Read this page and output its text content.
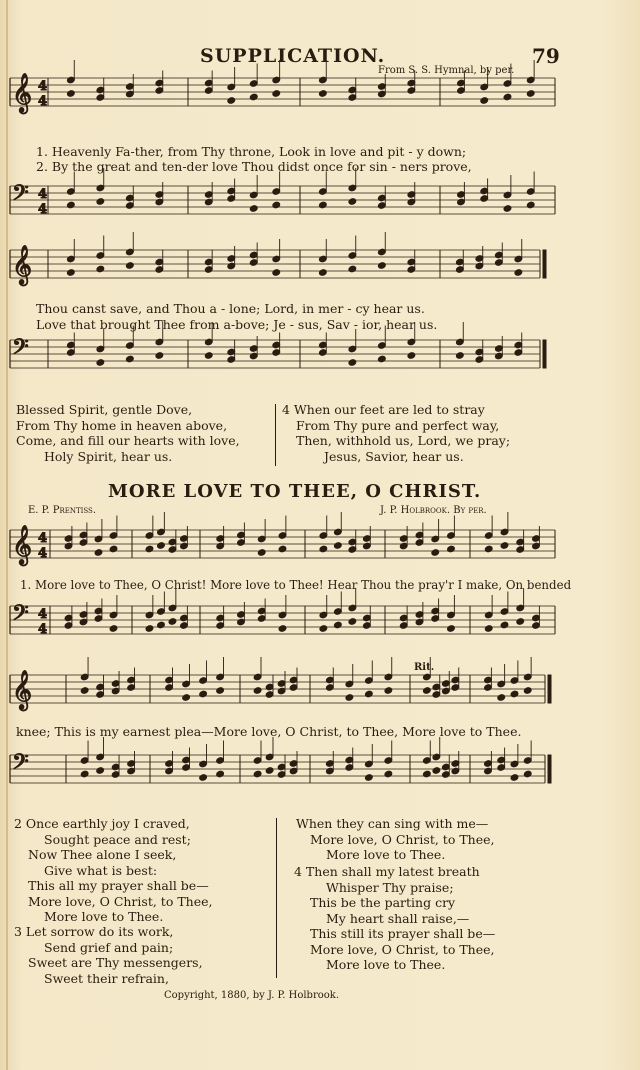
SUPPLICATION.	79
From S. S. Hymnal, by per.
𝄞 4
4
𝄢 4
4
𝄞
𝄢
𝄞 4
4
𝄢 4
4
𝄞
𝄢
1. Heavenly Fa-ther, from Thy throne, Look in love and pit - y down;
2. By the great and ten-der love Thou didst once for sin - ners prove,
Thou canst save, and Thou a - lone; Lord, in mer - cy hear us.
Love that brought Thee from a-bove; Je - sus, Sav - ior, hear us.
Blessed Spirit, gentle Dove,
From Thy home in heaven above,
Come, and fill our hearts with love,
Holy Spirit, hear us.
4 When our feet are led to stray
From Thy pure and perfect way,
Then, withhold us, Lord, we pray;
Jesus, Savior, hear us.
MORE LOVE TO THEE, O CHRIST.
E. P. Prentiss.	J. P. Holbrook. By per.
1. More love to Thee, O Christ! More love to Thee! Hear Thou the pray'r I make, On bended
knee; This is my earnest plea—More love, O Christ, to Thee, More love to Thee.
Rit.
2 Once earthly joy I craved,
Sought peace and rest;
Now Thee alone I seek,
Give what is best:
This all my prayer shall be—
More love, O Christ, to Thee,
More love to Thee.
3 Let sorrow do its work,
Send grief and pain;
Sweet are Thy messengers,
Sweet their refrain,
When they can sing with me—
More love, O Christ, to Thee,
More love to Thee.
4 Then shall my latest breath
Whisper Thy praise;
This be the parting cry
My heart shall raise,—
This still its prayer shall be—
More love, O Christ, to Thee,
More love to Thee.
Copyright, 1880, by J. P. Holbrook.
